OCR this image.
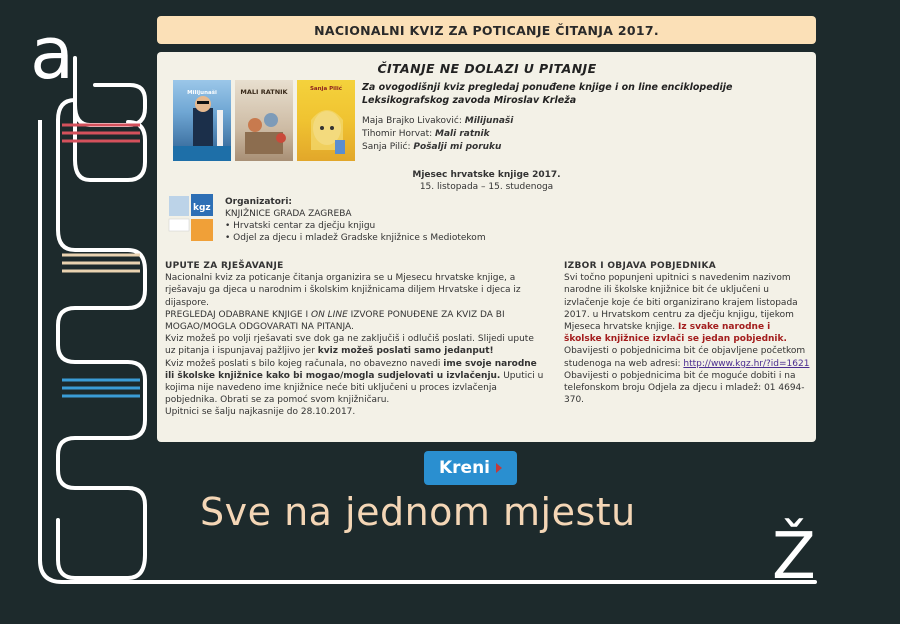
a
Ž
NACIONALNI KVIZ ZA POTICANJE ČITANJA 2017.
Milijunaši	MALI RATNIK	Sanja Pilić
ČITANJE NE DOLAZI U PITANJE
Za ovogodišnji kviz pregledaj ponuđene knjige i on line enciklopedije Leksikografskog zavoda Miroslav Krleža
Maja Brajko Livaković: Milijunaši
Tihomir Horvat: Mali ratnik
Sanja Pilić: Pošalji mi poruku
Mjesec hrvatske knjige 2017.
15. listopada – 15. studenoga
kgz
Organizatori:
KNJIŽNICE GRADA ZAGREBA
• Hrvatski centar za dječju knjigu
• Odjel za djecu i mladež Gradske knjižnice s Mediotekom
UPUTE ZA RJEŠAVANJE

Nacionalni kviz za poticanje čitanja organizira se u Mjesecu hrvatske knjige, a rješavaju ga djeca u narodnim i školskim knjižnicama diljem Hrvatske i djeca iz dijaspore.

PREGLEDAJ ODABRANE KNJIGE I ON LINE IZVORE PONUĐENE ZA KVIZ DA BI MOGAO/MOGLA ODGOVARATI NA PITANJA.

Kviz možeš po volji rješavati sve dok ga ne zaključiš i odlučiš poslati. Slijedi upute uz pitanja i ispunjavaj pažljivo jer kviz možeš poslati samo jedanput!

Kviz možeš poslati s bilo kojeg računala, no obavezno navedi ime svoje narodne ili školske knjižnice kako bi mogao/mogla sudjelovati u izvlačenju. Uputici u kojima nije navedeno ime knjižnice neće biti uključeni u proces izvlačenja pobjednika. Obrati se za pomoć svom knjižničaru.

Upitnici se šalju najkasnije do 28.10.2017.

IZBOR I OBJAVA POBJEDNIKA

Svi točno popunjeni upitnici s navedenim nazivom narodne ili školske knjižnice bit će uključeni u izvlačenje koje će biti organizirano krajem listopada 2017. u Hrvatskom centru za dječju knjigu, tijekom Mjeseca hrvatske knjige. Iz svake narodne i školske knjižnice izvlači se jedan pobjednik.

Obavijesti o pobjednicima bit će objavljene početkom studenoga na web adresi: http://www.kgz.hr/?id=1621 Obavijesti o pobjednicima bit će moguće dobiti i na telefonskom broju Odjela za djecu i mladež: 01 4694-370.

Kreni
Sve na jednom mjestu
